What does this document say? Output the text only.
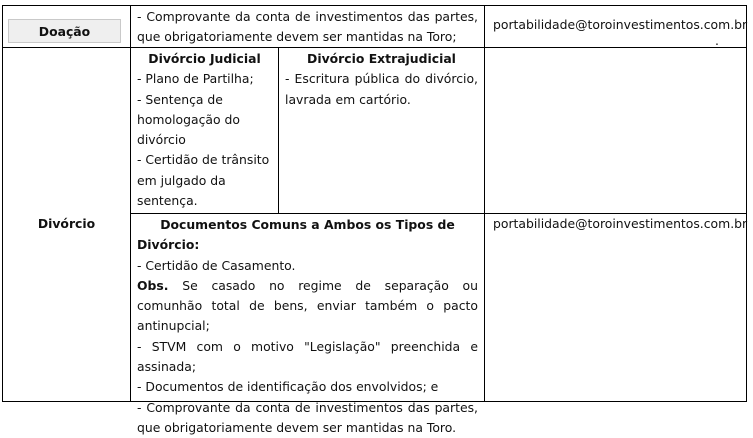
Doação
- Comprovante da conta de investimentos das partes, que obrigatoriamente devem ser mantidas na Toro;
portabilidade@toroinvestimentos.com.br
.
Divórcio
Divórcio Judicial
- Plano de Partilha;
- Sentença de homologação do divórcio
- Certidão de trânsito em julgado da sentença.
Divórcio Extrajudicial
- Escritura pública do divórcio, lavrada em cartório.
Documentos Comuns a Ambos os Tipos de Divórcio:
- Certidão de Casamento.
Obs. Se casado no regime de separação ou comunhão total de bens, enviar também o pacto antinupcial;
- STVM com o motivo "Legislação" preenchida e assinada;
- Documentos de identificação dos envolvidos; e
- Comprovante da conta de investimentos das partes, que obrigatoriamente devem ser mantidas na Toro.
portabilidade@toroinvestimentos.com.br
